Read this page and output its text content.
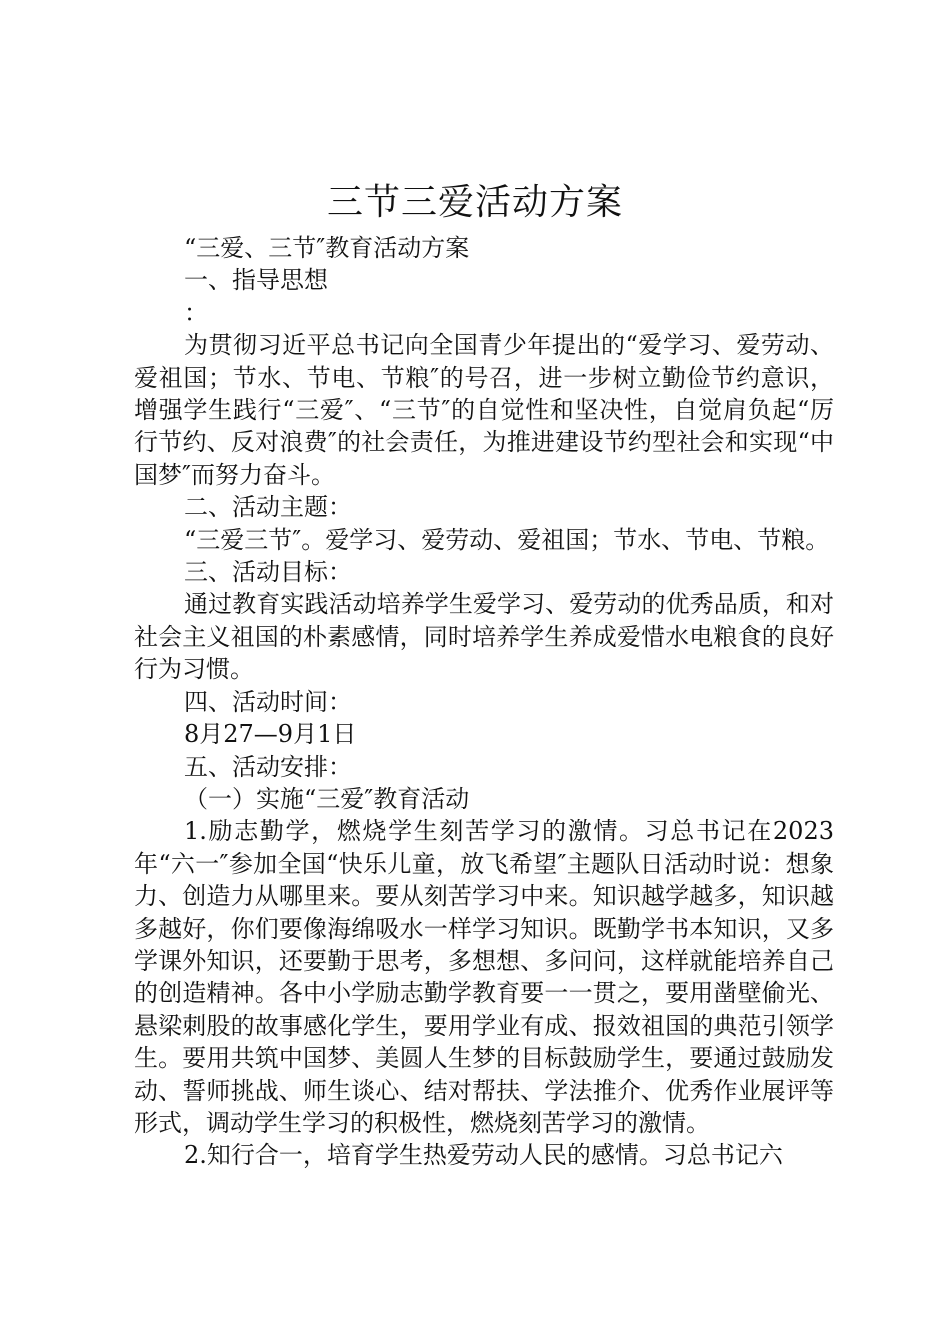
三节三爱活动方案

“三爱、三节″教育活动方案

一、指导思想

：

为贯彻习近平总书记向全国青少年提出的“爱学习、爱劳动、爱祖国；节水、节电、节粮″的号召，进一步树立勤俭节约意识，增强学生践行“三爱″、“三节″的自觉性和坚决性，自觉肩负起“厉行节约、反对浪费″的社会责任，为推进建设节约型社会和实现“中国梦″而努力奋斗。

二、活动主题：

“三爱三节″。爱学习、爱劳动、爱祖国；节水、节电、节粮。

三、活动目标：

通过教育实践活动培养学生爱学习、爱劳动的优秀品质，和对社会主义祖国的朴素感情，同时培养学生养成爱惜水电粮食的良好行为习惯。

四、活动时间：

8月27—9月1日

五、活动安排：

（一）实施“三爱″教育活动

1.励志勤学，燃烧学生刻苦学习的激情。习总书记在2023年“六一″参加全国“快乐儿童，放飞希望″主题队日活动时说：想象力、创造力从哪里来。要从刻苦学习中来。知识越学越多，知识越多越好，你们要像海绵吸水一样学习知识。既勤学书本知识，又多学课外知识，还要勤于思考，多想想、多问问，这样就能培养自己的创造精神。各中小学励志勤学教育要一一贯之，要用凿壁偷光、悬梁刺股的故事感化学生，要用学业有成、报效祖国的典范引领学生。要用共筑中国梦、美圆人生梦的目标鼓励学生，要通过鼓励发动、誓师挑战、师生谈心、结对帮扶、学法推介、优秀作业展评等形式，调动学生学习的积极性，燃烧刻苦学习的激情。

2.知行合一，培育学生热爱劳动人民的感情。习总书记六
